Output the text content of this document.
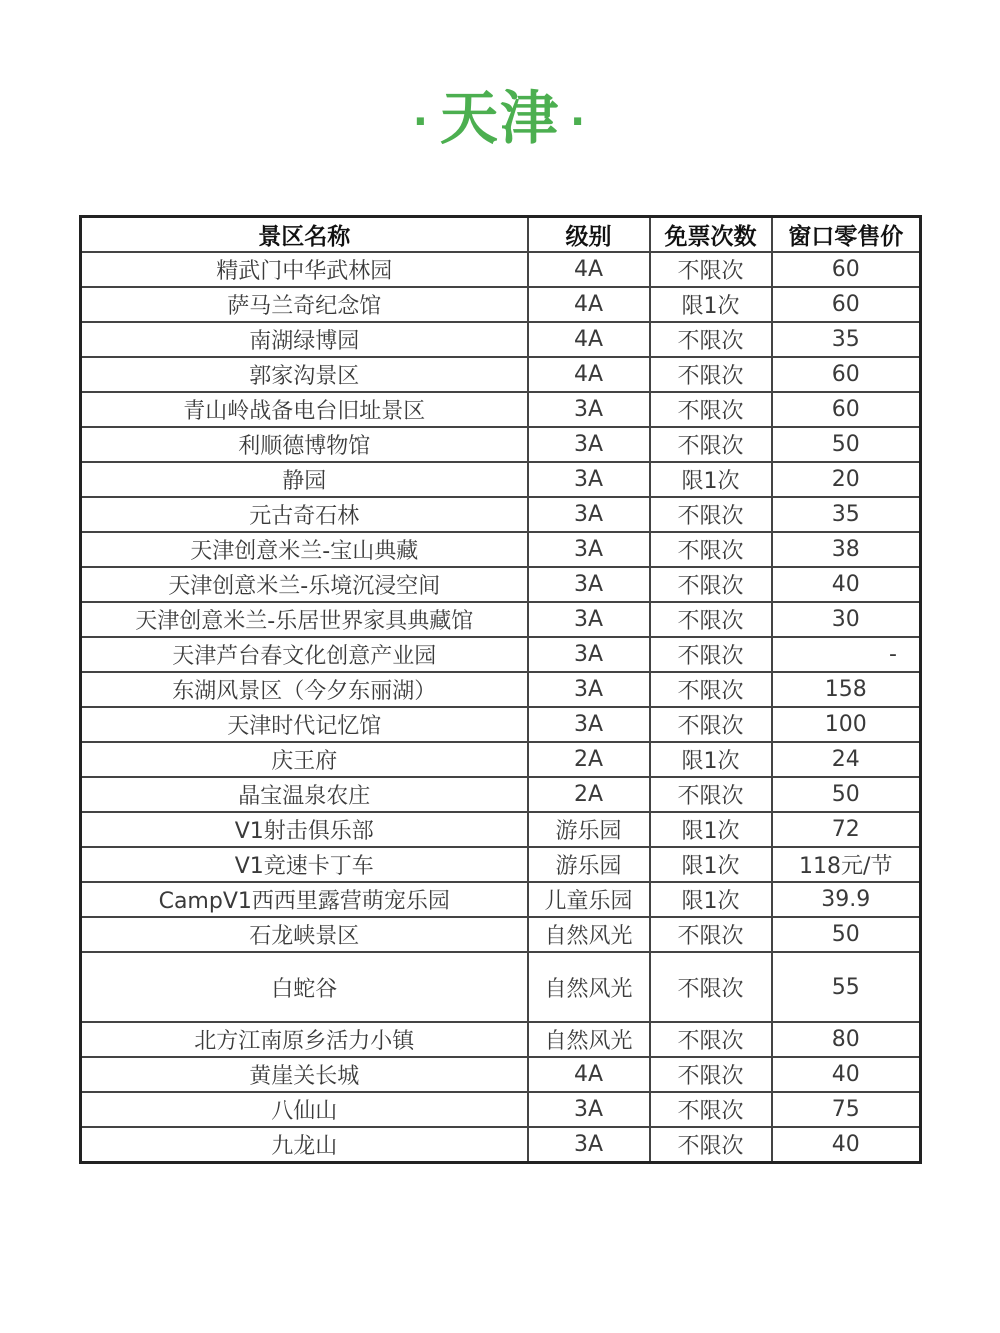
· 天津 ·
景区名称	级别	免票次数	窗口零售价
精武门中华武林园	4A	不限次	60
萨马兰奇纪念馆	4A	限1次	60
南湖绿博园	4A	不限次	35
郭家沟景区	4A	不限次	60
青山岭战备电台旧址景区	3A	不限次	60
利顺德博物馆	3A	不限次	50
静园	3A	限1次	20
元古奇石林	3A	不限次	35
天津创意米兰-宝山典藏	3A	不限次	38
天津创意米兰-乐境沉浸空间	3A	不限次	40
天津创意米兰-乐居世界家具典藏馆	3A	不限次	30
天津芦台春文化创意产业园	3A	不限次	-
东湖风景区（今夕东丽湖）	3A	不限次	158
天津时代记忆馆	3A	不限次	100
庆王府	2A	限1次	24
晶宝温泉农庄	2A	不限次	50
V1射击俱乐部	游乐园	限1次	72
V1竞速卡丁车	游乐园	限1次	118元/节
CampV1西西里露营萌宠乐园	儿童乐园	限1次	39.9
石龙峡景区	自然风光	不限次	50
白蛇谷	自然风光	不限次	55
北方江南原乡活力小镇	自然风光	不限次	80
黄崖关长城	4A	不限次	40
八仙山	3A	不限次	75
九龙山	3A	不限次	40
